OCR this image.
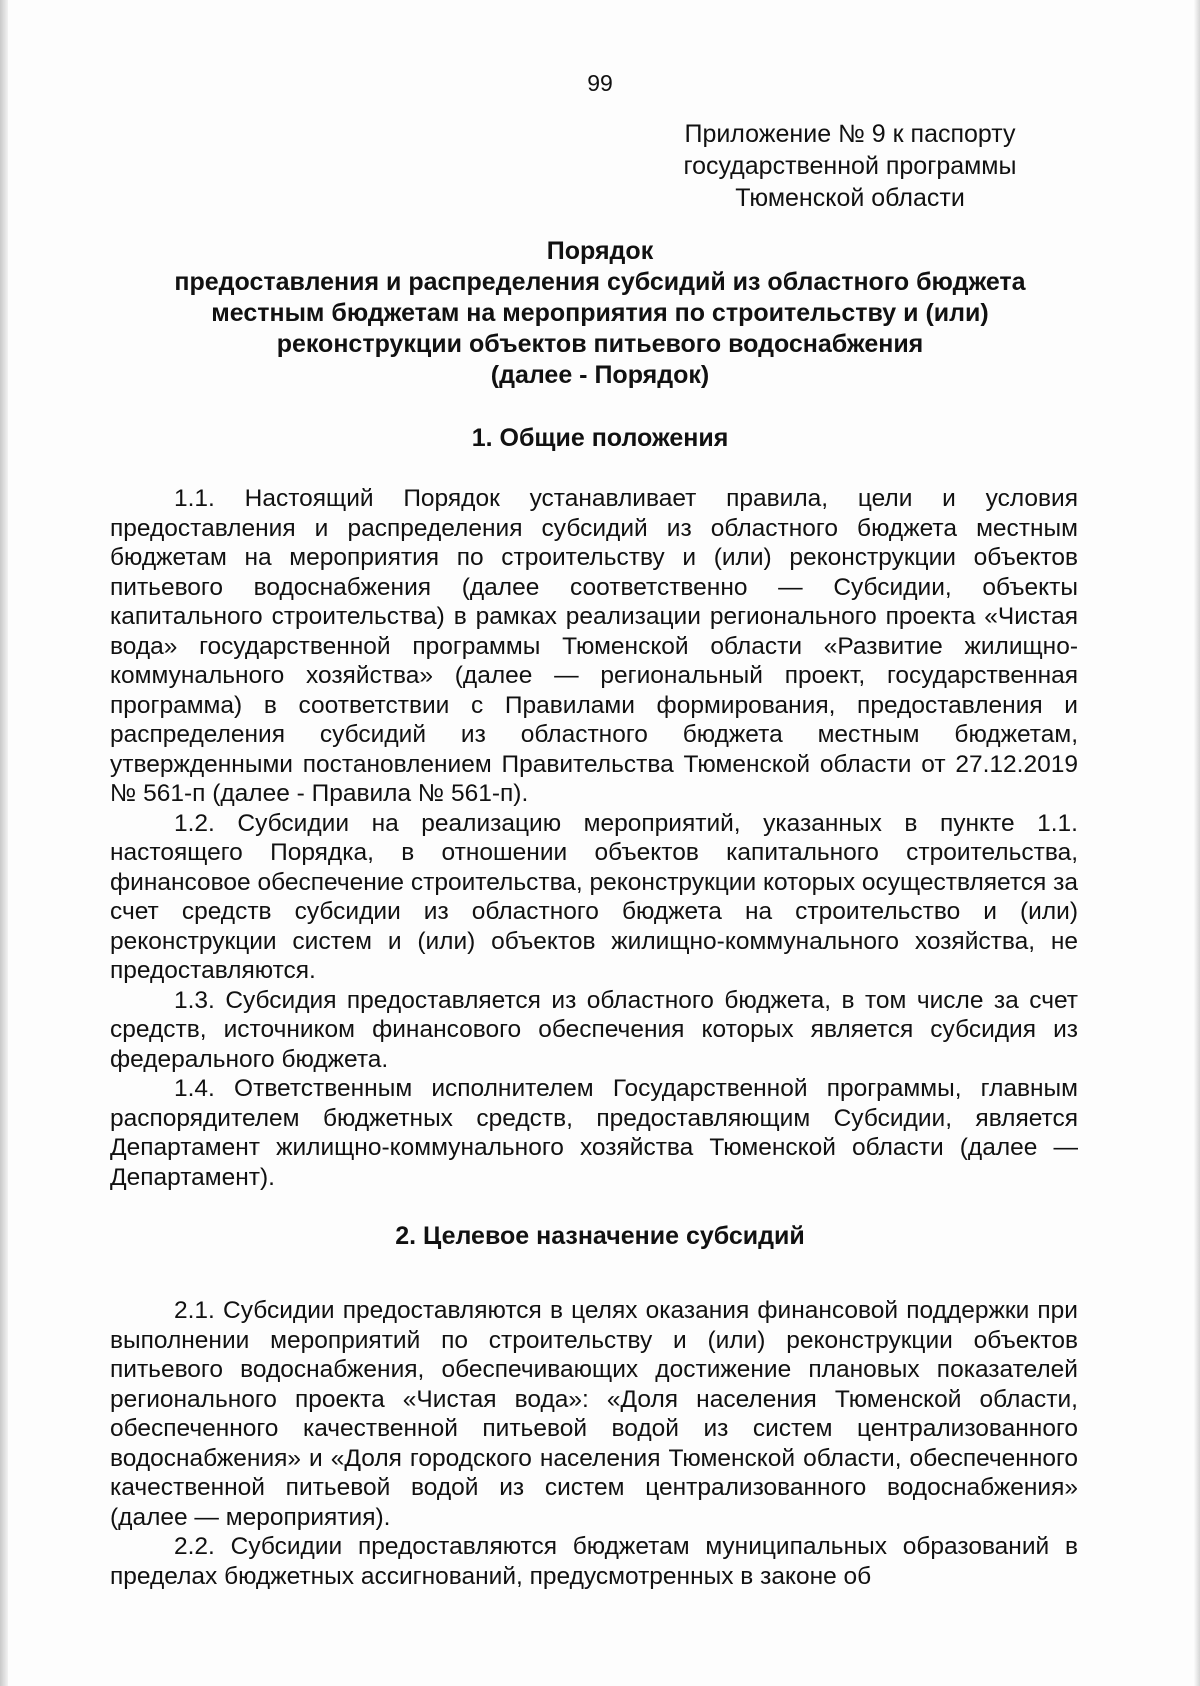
99
Приложение № 9 к паспорту
государственной программы
Тюменской области
Порядок
предоставления и распределения субсидий из областного бюджета
местным бюджетам на мероприятия по строительству и (или)
реконструкции объектов питьевого водоснабжения
(далее - Порядок)
1. Общие положения

1.1. Настоящий Порядок устанавливает правила, цели и условия предоставления и распределения субсидий из областного бюджета местным бюджетам на мероприятия по строительству и (или) реконструкции объектов питьевого водоснабжения (далее соответственно — Субсидии, объекты капитального строительства) в рамках реализации регионального проекта «Чистая вода» государственной программы Тюменской области «Развитие жилищно-коммунального хозяйства» (далее — региональный проект, государственная программа) в соответствии с Правилами формирования, предоставления и распределения субсидий из областного бюджета местным бюджетам, утвержденными постановлением Правительства Тюменской области от 27.12.2019 № 561-п (далее - Правила № 561-п).

1.2. Субсидии на реализацию мероприятий, указанных в пункте 1.1. настоящего Порядка, в отношении объектов капитального строительства, финансовое обеспечение строительства, реконструкции которых осуществляется за счет средств субсидии из областного бюджета на строительство и (или) реконструкции систем и (или) объектов жилищно-коммунального хозяйства, не предоставляются.

1.3. Субсидия предоставляется из областного бюджета, в том числе за счет средств, источником финансового обеспечения которых является субсидия из федерального бюджета.

1.4. Ответственным исполнителем Государственной программы, главным распорядителем бюджетных средств, предоставляющим Субсидии, является Департамент жилищно-коммунального хозяйства Тюменской области (далее — Департамент).

2. Целевое назначение субсидий

2.1. Субсидии предоставляются в целях оказания финансовой поддержки при выполнении мероприятий по строительству и (или) реконструкции объектов питьевого водоснабжения, обеспечивающих достижение плановых показателей регионального проекта «Чистая вода»: «Доля населения Тюменской области, обеспеченного качественной питьевой водой из систем централизованного водоснабжения» и «Доля городского населения Тюменской области, обеспеченного качественной питьевой водой из систем централизованного водоснабжения» (далее — мероприятия).

2.2. Субсидии предоставляются бюджетам муниципальных образований в пределах бюджетных ассигнований, предусмотренных в законе об
